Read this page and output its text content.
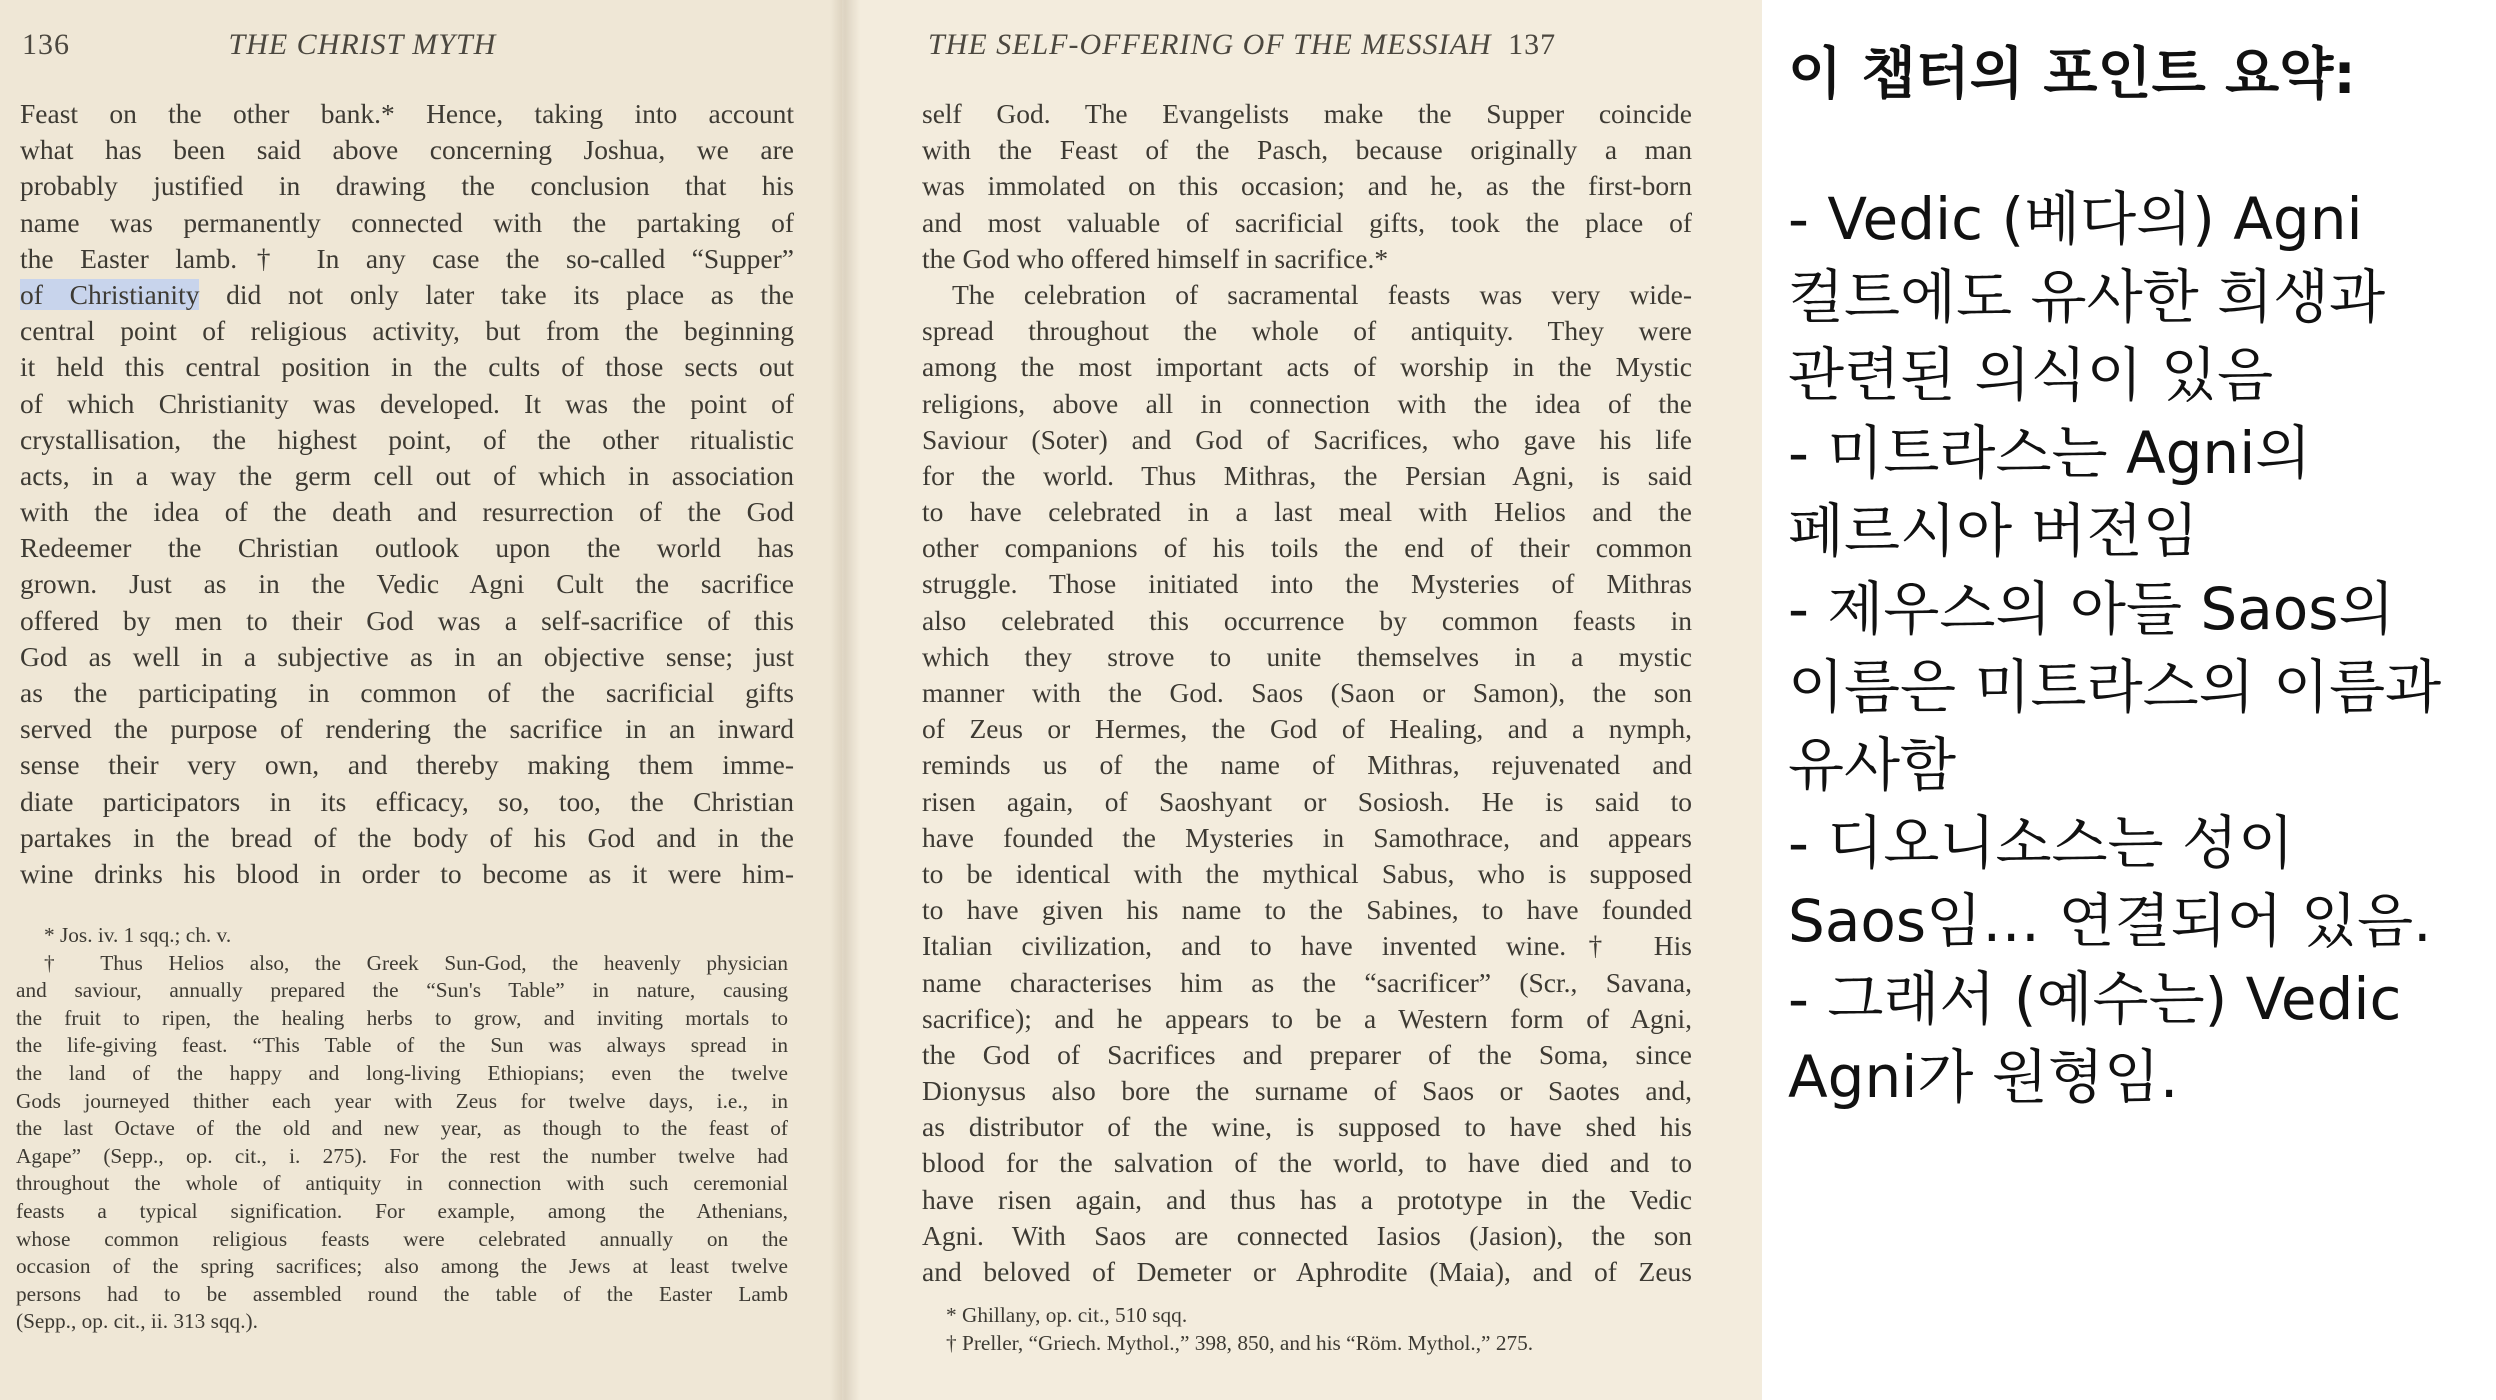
136	THE CHRIST MYTH
Feast on the other bank.* Hence, taking into account
what has been said above concerning Joshua, we are
probably justified in drawing the conclusion that his
name was permanently connected with the partaking of
the Easter lamb.† In any case the so-called “Supper”
of Christianity did not only later take its place as the
central point of religious activity, but from the beginning
it held this central position in the cults of those sects out
of which Christianity was developed. It was the point of
crystallisation, the highest point, of the other ritualistic
acts, in a way the germ cell out of which in association
with the idea of the death and resurrection of the God
Redeemer the Christian outlook upon the world has
grown. Just as in the Vedic Agni Cult the sacrifice
offered by men to their God was a self-sacrifice of this
God as well in a subjective as in an objective sense; just
as the participating in common of the sacrificial gifts
served the purpose of rendering the sacrifice in an inward
sense their very own, and thereby making them imme-
diate participators in its efficacy, so, too, the Christian
partakes in the bread of the body of his God and in the
wine drinks his blood in order to become as it were him-
* Jos. iv. 1 sqq.; ch. v.
† Thus Helios also, the Greek Sun-God, the heavenly physician
and saviour, annually prepared the “Sun's Table” in nature, causing
the fruit to ripen, the healing herbs to grow, and inviting mortals to
the life-giving feast. “This Table of the Sun was always spread in
the land of the happy and long-living Ethiopians; even the twelve
Gods journeyed thither each year with Zeus for twelve days, i.e., in
the last Octave of the old and new year, as though to the feast of
Agape” (Sepp., op. cit., i. 275). For the rest the number twelve had
throughout the whole of antiquity in connection with such ceremonial
feasts a typical signification. For example, among the Athenians,
whose common religious feasts were celebrated annually on the
occasion of the spring sacrifices; also among the Jews at least twelve
persons had to be assembled round the table of the Easter Lamb
(Sepp., op. cit., ii. 313 sqq.).
THE SELF-OFFERING OF THE MESSIAH 137
self God. The Evangelists make the Supper coincide
with the Feast of the Pasch, because originally a man
was immolated on this occasion; and he, as the first-born
and most valuable of sacrificial gifts, took the place of
the God who offered himself in sacrifice.*
The celebration of sacramental feasts was very wide-
spread throughout the whole of antiquity. They were
among the most important acts of worship in the Mystic
religions, above all in connection with the idea of the
Saviour (Soter) and God of Sacrifices, who gave his life
for the world. Thus Mithras, the Persian Agni, is said
to have celebrated in a last meal with Helios and the
other companions of his toils the end of their common
struggle. Those initiated into the Mysteries of Mithras
also celebrated this occurrence by common feasts in
which they strove to unite themselves in a mystic
manner with the God. Saos (Saon or Samon), the son
of Zeus or Hermes, the God of Healing, and a nymph,
reminds us of the name of Mithras, rejuvenated and
risen again, of Saoshyant or Sosiosh. He is said to
have founded the Mysteries in Samothrace, and appears
to be identical with the mythical Sabus, who is supposed
to have given his name to the Sabines, to have founded
Italian civilization, and to have invented wine.† His
name characterises him as the “sacrificer” (Scr., Savana,
sacrifice); and he appears to be a Western form of Agni,
the God of Sacrifices and preparer of the Soma, since
Dionysus also bore the surname of Saos or Saotes and,
as distributor of the wine, is supposed to have shed his
blood for the salvation of the world, to have died and to
have risen again, and thus has a prototype in the Vedic
Agni. With Saos are connected Iasios (Jasion), the son
and beloved of Demeter or Aphrodite (Maia), and of Zeus
* Ghillany, op. cit., 510 sqq.
† Preller, “Griech. Mythol.,” 398, 850, and his “Röm. Mythol.,” 275.
이 챕터의 포인트 요약:
- Vedic (베다의) Agni
컬트에도 유사한 희생과
관련된 의식이 있음
- 미트라스는 Agni의
페르시아 버전임
- 제우스의 아들 Saos의
이름은 미트라스의 이름과
유사함
- 디오니소스는 성이
Saos임… 연결되어 있음.
- 그래서 (예수는) Vedic
Agni가 원형임.
